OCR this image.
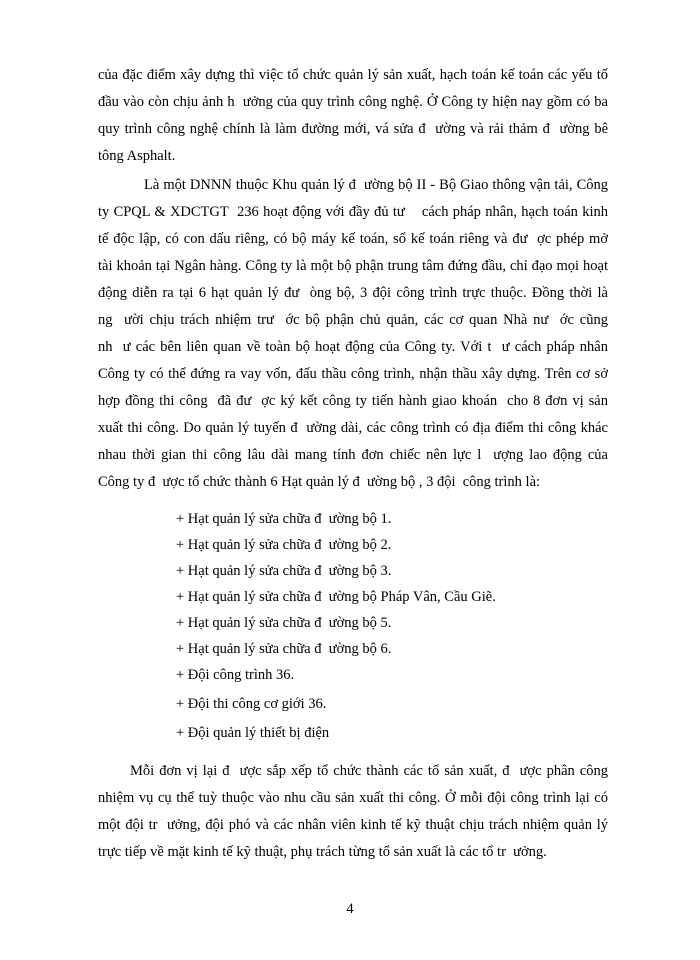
của đặc điểm xây dựng thì việc tổ chức quản lý sản xuất, hạch toán kế toán các yếu tố
đầu vào còn chịu ảnh h  ưởng của quy trình công nghệ. Ở Công ty hiện nay gồm có ba
quy trình công nghệ chính là làm đường mới, vá sửa đ  ường và rải thảm đ  ường bê
tông Asphalt.
Là một DNNN thuộc Khu quản lý đ  ường bộ II - Bộ Giao thông vận tải, Công
ty CPQL & XDCTGT  236 hoạt động với đầy đủ tư    cách pháp nhân, hạch toán kinh
tế độc lập, có con dấu riêng, có bộ máy kế toán, sổ kế toán riêng và đư  ợc phép mở
tài khoản tại Ngân hàng. Công ty là một bộ phận trung tâm đứng đầu, chỉ đạo mọi hoạt
động diễn ra tại 6 hạt quản lý đư  òng bộ, 3 đội công trình trực thuộc. Đồng thời là
ng  ười chịu trách nhiệm trư  ớc bộ phận chủ quản, các cơ quan Nhà nư  ớc cũng
nh  ư các bên liên quan về toàn bộ hoạt động của Công ty. Với t  ư cách pháp nhân
Công ty có thể đứng ra vay vốn, đấu thầu công trình, nhận thầu xây dựng. Trên cơ sở
hợp đồng thi công  đã đư  ợc ký kết công ty tiến hành giao khoán  cho 8 đơn vị sản
xuất thi công. Do quản lý tuyến đ  ường dài, các công trình có địa điểm thi công khác
nhau thời gian thi công lâu dài mang tính đơn chiếc nên lực l  ượng lao động của
Công ty đ  ược tổ chức thành 6 Hạt quản lý đ  ường bộ , 3 đội  công trình là:
+ Hạt quản lý sửa chữa đ  ường bộ 1.
+ Hạt quản lý sửa chữa đ  ường bộ 2.
+ Hạt quản lý sửa chữa đ  ường bộ 3.
+ Hạt quản lý sửa chữa đ  ường bộ Pháp Vân, Cầu Giẽ.
+ Hạt quản lý sửa chữa đ  ường bộ 5.
+ Hạt quản lý sửa chữa đ  ường bộ 6.
+ Đội công trình 36.
+ Đội thi công cơ giới 36.
+ Đội quản lý thiết bị điện
Mỗi đơn vị lại đ  ược sắp xếp tổ chức thành các tổ sản xuất, đ  ược phân công
nhiệm vụ cụ thể tuỳ thuộc vào nhu cầu sản xuất thi công. Ở mỗi đội công trình lại có
một đội tr  ưởng, đội phó và các nhân viên kinh tế kỹ thuật chịu trách nhiệm quản lý
trực tiếp về mặt kinh tế kỹ thuật, phụ trách từng tổ sản xuất là các tổ tr  ưởng.
4
